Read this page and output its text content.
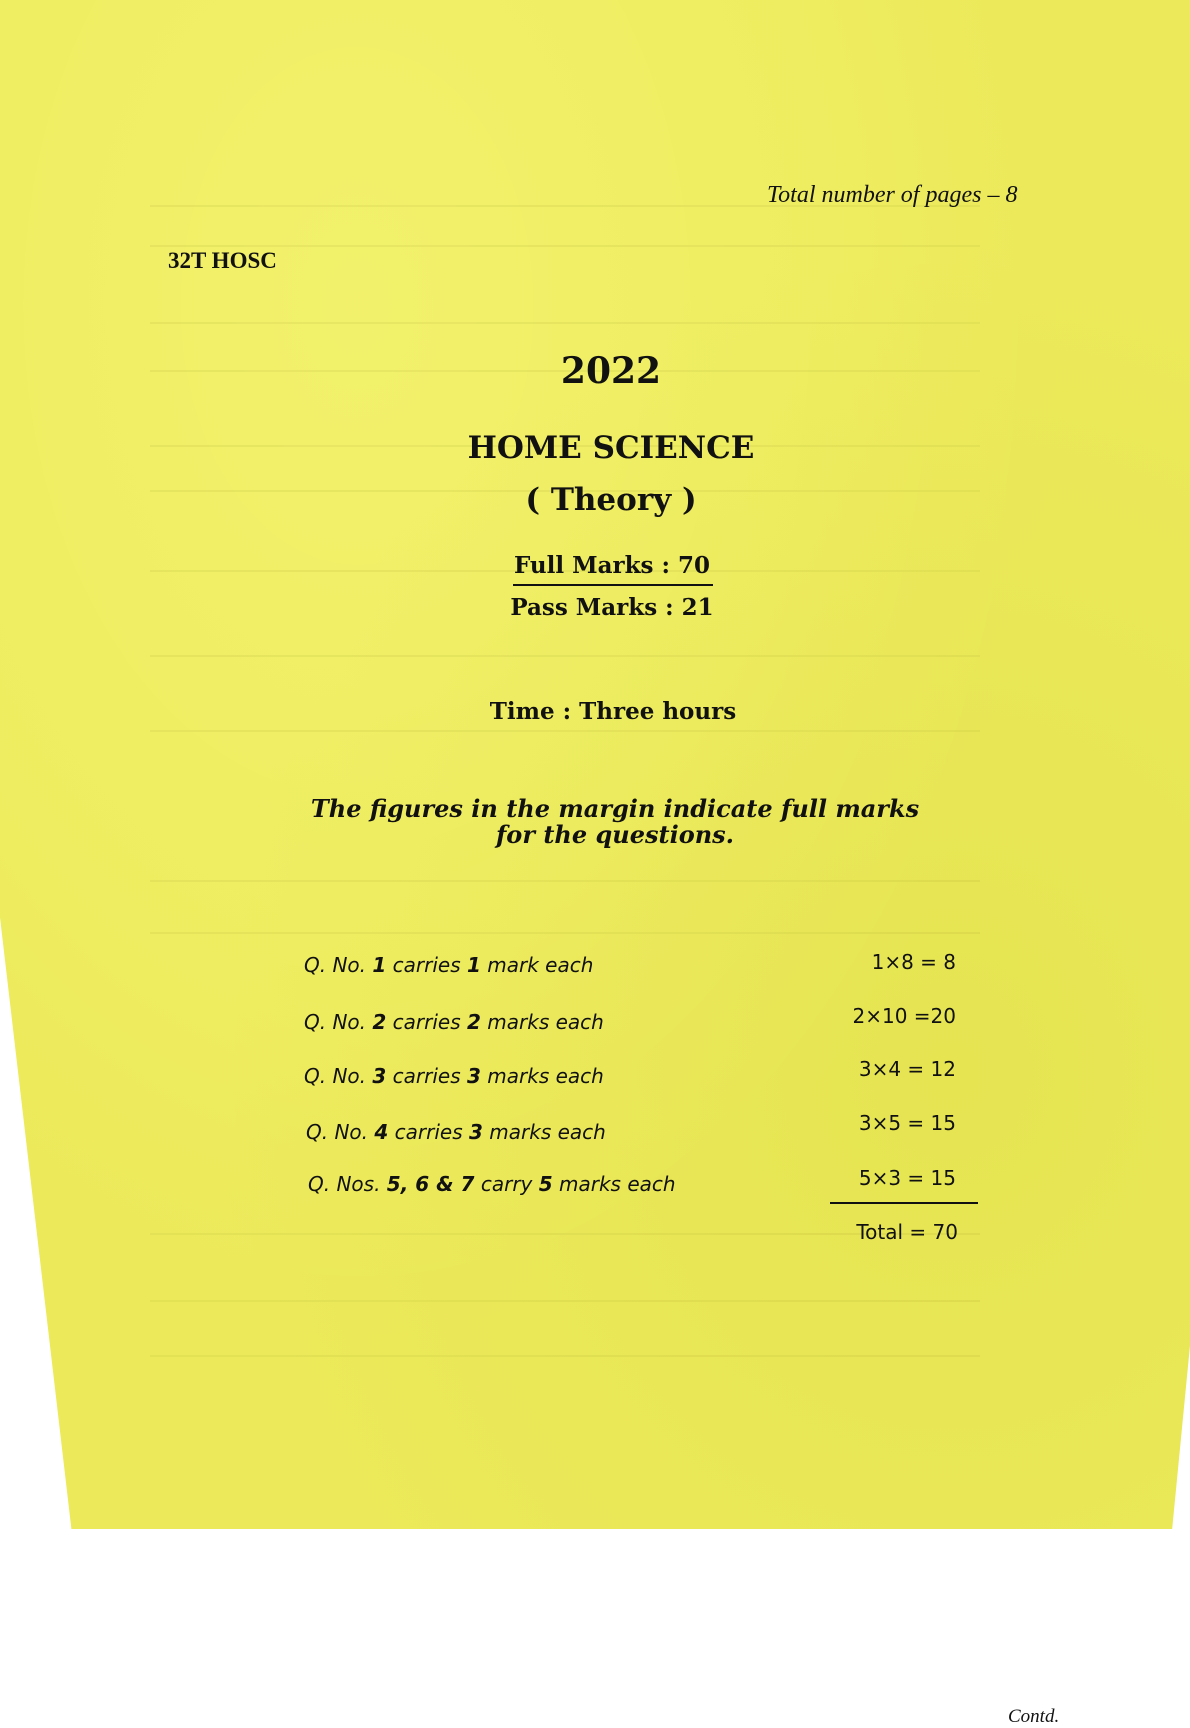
Total number of pages – 8
32T HOSC
2022
HOME SCIENCE
( Theory )
Full Marks : 70
Pass Marks : 21
Time : Three hours
The figures in the margin indicate full marks
for the questions.
Q. No. 1 carries 1 mark each	1×8 = 8
Q. No. 2 carries 2 marks each	2×10 =20
Q. No. 3 carries 3 marks each	3×4 = 12
Q. No. 4 carries 3 marks each	3×5 = 15
Q. Nos. 5, 6 & 7 carry 5 marks each	5×3 = 15
Total = 70
Contd.
